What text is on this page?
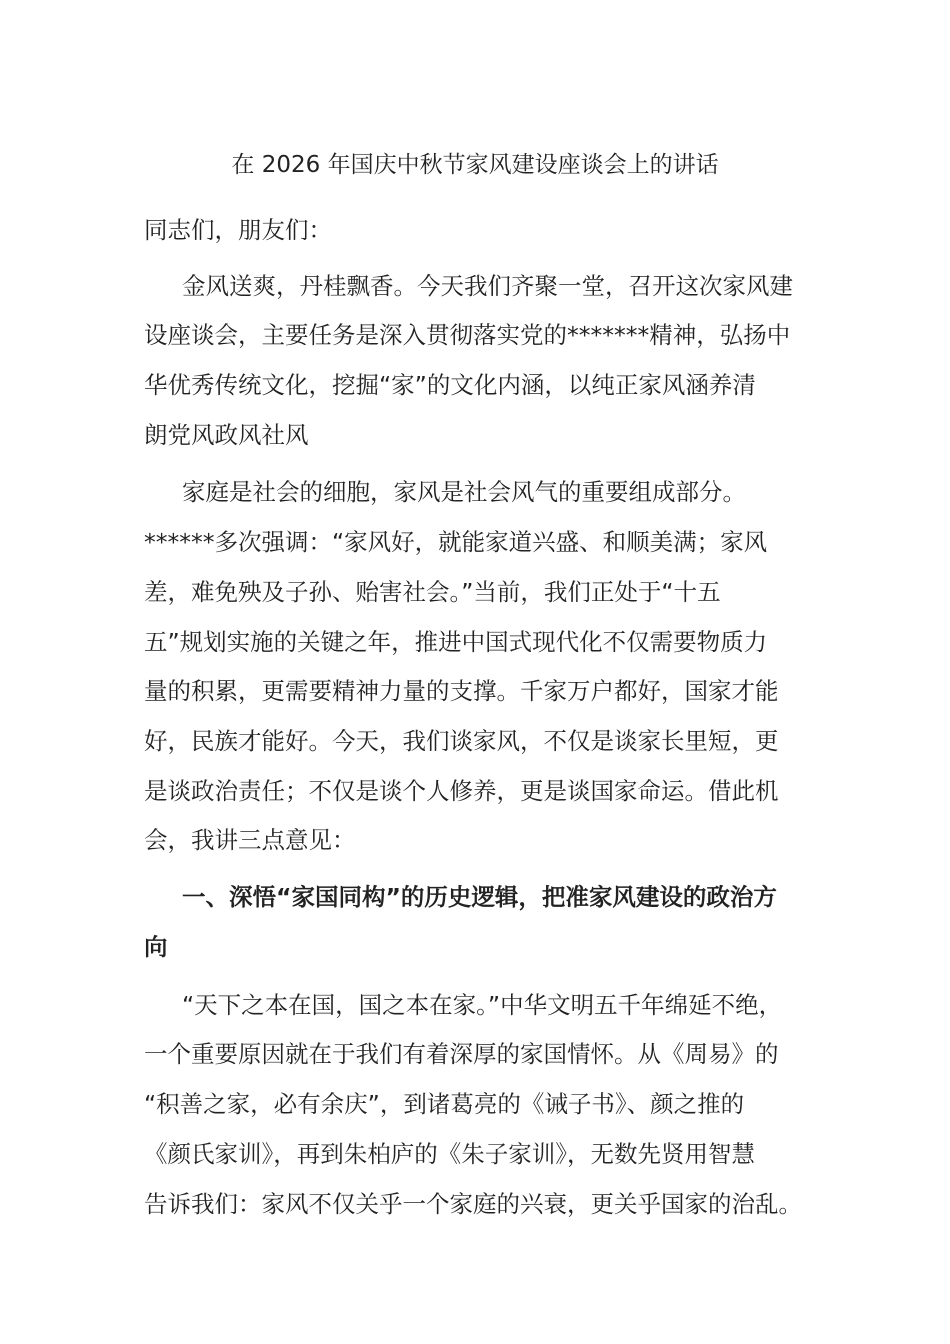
在 2026 年国庆中秋节家风建设座谈会上的讲话
同志们，朋友们：
金风送爽，丹桂飘香。今天我们齐聚一堂，召开这次家风建
设座谈会，主要任务是深入贯彻落实党的*******精神，弘扬中
华优秀传统文化，挖掘“家”的文化内涵，以纯正家风涵养清
朗党风政风社风
家庭是社会的细胞，家风是社会风气的重要组成部分。
******多次强调：“家风好，就能家道兴盛、和顺美满；家风
差，难免殃及子孙、贻害社会。”当前，我们正处于“十五
五”规划实施的关键之年，推进中国式现代化不仅需要物质力
量的积累，更需要精神力量的支撑。千家万户都好，国家才能
好，民族才能好。今天，我们谈家风，不仅是谈家长里短，更
是谈政治责任；不仅是谈个人修养，更是谈国家命运。借此机
会，我讲三点意见：
一、深悟“家国同构”的历史逻辑，把准家风建设的政治方
向
“天下之本在国，国之本在家。”中华文明五千年绵延不绝，
一个重要原因就在于我们有着深厚的家国情怀。从《周易》的
“积善之家，必有余庆”，到诸葛亮的《诫子书》、颜之推的
《颜氏家训》，再到朱柏庐的《朱子家训》，无数先贤用智慧
告诉我们：家风不仅关乎一个家庭的兴衰，更关乎国家的治乱。
